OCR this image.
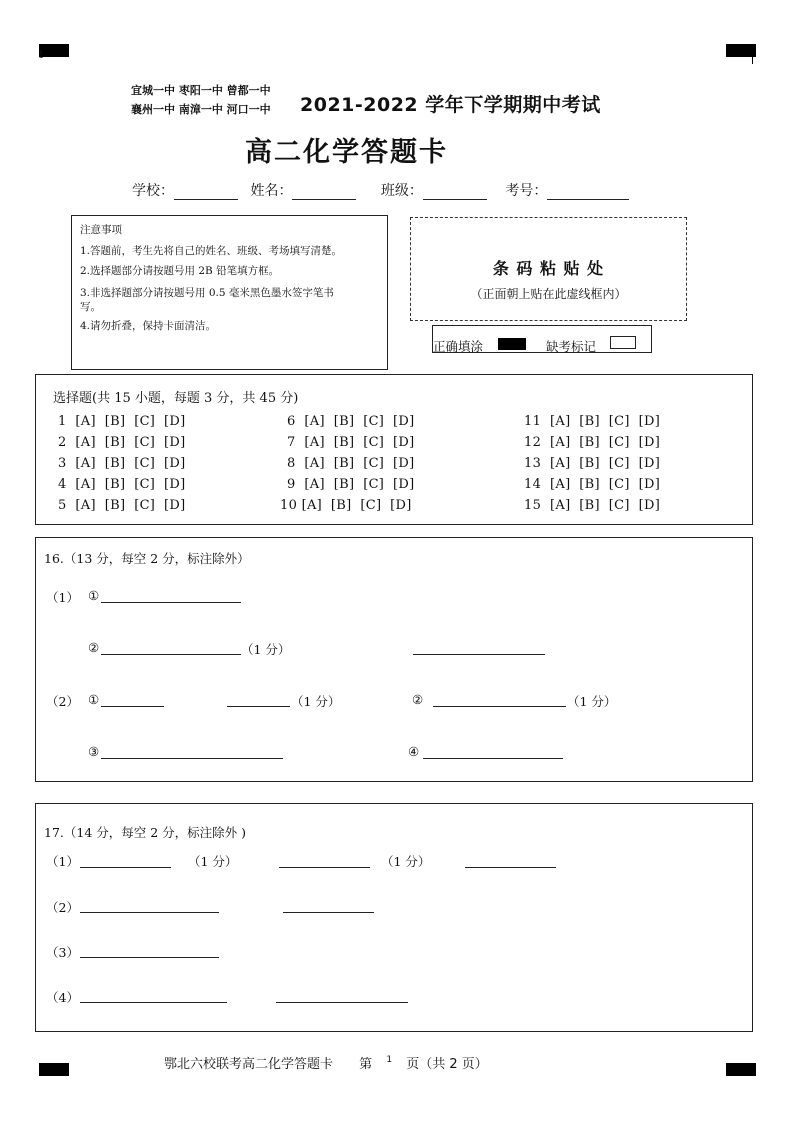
1
宜城一中 枣阳一中 曾都一中
襄州一中 南漳一中 河口一中 2021-2022 学年下学期期中考试
高二化学答题卡
学校：	姓名：	班级：	考号：
注意事项
1.答题前，考生先将自己的姓名、班级、考场填写清楚。
2.选择题部分请按题号用 2B 铅笔填方框。
3.非选择题部分请按题号用 0.5 毫米黑色墨水签字笔书
写。
4.请勿折叠，保持卡面清洁。
条 码 粘 贴 处
（正面朝上贴在此虚线框内）
正确填涂	缺考标记
选择题(共 15 小题，每题 3 分，共 45 分)
1  [A]  [B]  [C]  [D]
2  [A]  [B]  [C]  [D]
3  [A]  [B]  [C]  [D]
4  [A]  [B]  [C]  [D]
5  [A]  [B]  [C]  [D]
6  [A]  [B]  [C]  [D]
7  [A]  [B]  [C]  [D]
8  [A]  [B]  [C]  [D]
9  [A]  [B]  [C]  [D]
10 [A]  [B]  [C]  [D]
11  [A]  [B]  [C]  [D]
12  [A]  [B]  [C]  [D]
13  [A]  [B]  [C]  [D]
14  [A]  [B]  [C]  [D]
15  [A]  [B]  [C]  [D]
16.（13 分，每空 2 分，标注除外）
（1） ①
②	（1 分）
（2） ①	（1 分）	②	（1 分）
③	④
17.（14 分，每空 2 分，标注除外 )
（1）	（1 分）	（1 分）
（2）
（3）
（4）
鄂北六校联考高二化学答题卡 第 1 页（共 2 页）
